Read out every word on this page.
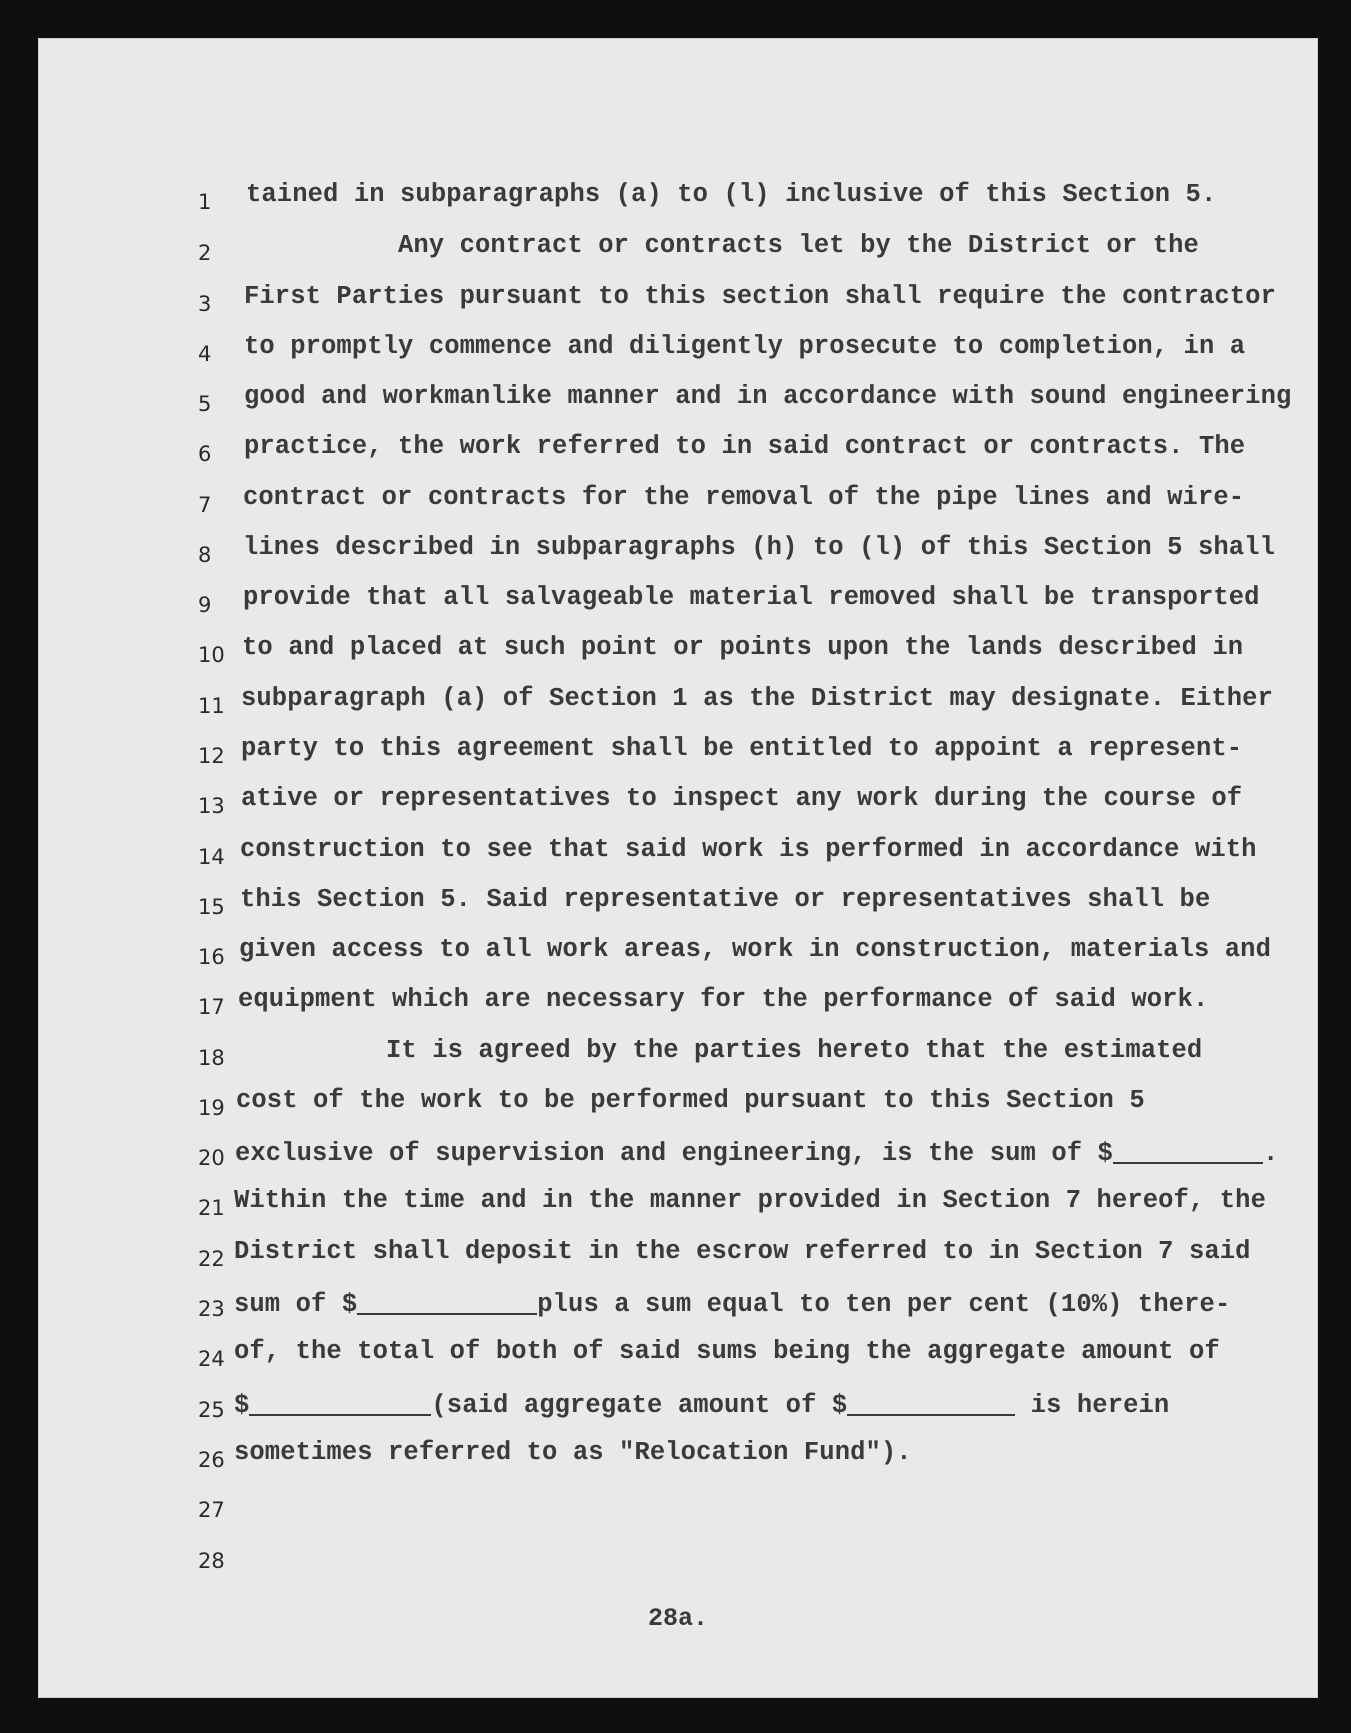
1 tained in subparagraphs (a) to (l) inclusive of this Section 5.
2	Any contract or contracts let by the District or the
3 First Parties pursuant to this section shall require the contractor
4 to promptly commence and diligently prosecute to completion, in a
5 good and workmanlike manner and in accordance with sound engineering
6 practice, the work referred to in said contract or contracts. The
7 contract or contracts for the removal of the pipe lines and wire-
8 lines described in subparagraphs (h) to (l) of this Section 5 shall
9 provide that all salvageable material removed shall be transported
10 to and placed at such point or points upon the lands described in
11 subparagraph (a) of Section 1 as the District may designate. Either
12 party to this agreement shall be entitled to appoint a represent-
13 ative or representatives to inspect any work during the course of
14 construction to see that said work is performed in accordance with
15 this Section 5. Said representative or representatives shall be
16 given access to all work areas, work in construction, materials and
17 equipment which are necessary for the performance of said work.
18	It is agreed by the parties hereto that the estimated
19 cost of the work to be performed pursuant to this Section 5
20 exclusive of supervision and engineering, is the sum of $	.
21 Within the time and in the manner provided in Section 7 hereof, the
22 District shall deposit in the escrow referred to in Section 7 said
23 sum of $	plus a sum equal to ten per cent (10%) there-
24 of, the total of both of said sums being the aggregate amount of
25 $	(said aggregate amount of $	is herein
26 sometimes referred to as "Relocation Fund").
27
28
28a.
